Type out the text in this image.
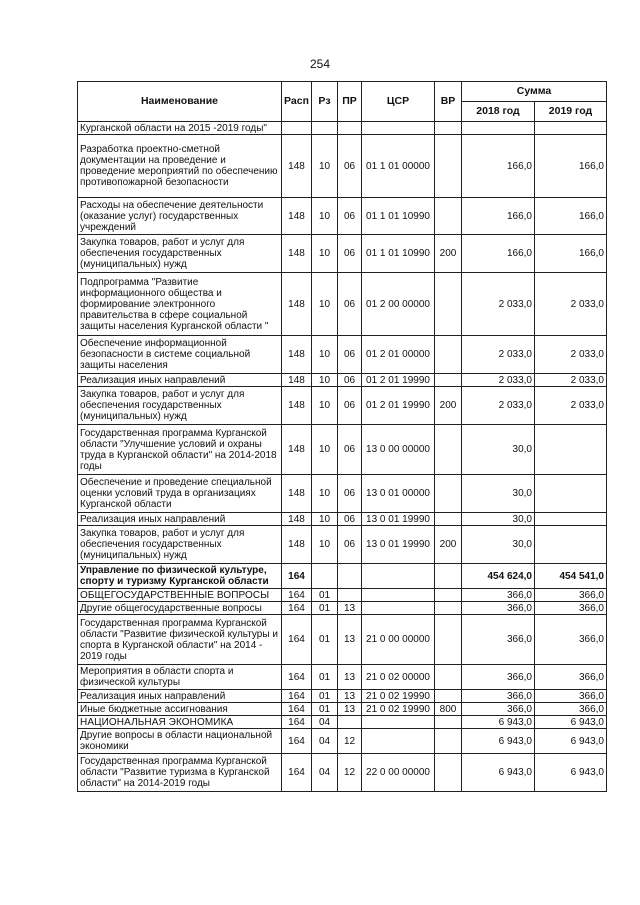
254
Наименование	Расп	Рз	ПР	ЦСР	ВР	Сумма	
						2018 год	2019 год
Курганской области на 2015 -2019 годы"							
Разработка проектно-сметной документации на проведение и проведение мероприятий по обеспечению противопожарной безопасности	148	10	06	01 1 01 00000		166,0	166,0
Расходы на обеспечение деятельности (оказание услуг) государственных учреждений	148	10	06	01 1 01 10990		166,0	166,0
Закупка товаров, работ и услуг для обеспечения государственных (муниципальных) нужд	148	10	06	01 1 01 10990	200	166,0	166,0
Подпрограмма "Развитие информационного общества и формирование электронного правительства в сфере социальной защиты населения Курганской области "	148	10	06	01 2 00 00000		2 033,0	2 033,0
Обеспечение информационной безопасности в системе социальной защиты населения	148	10	06	01 2 01 00000		2 033,0	2 033,0
Реализация иных направлений	148	10	06	01 2 01 19990		2 033,0	2 033,0
Закупка товаров, работ и услуг для обеспечения государственных (муниципальных) нужд	148	10	06	01 2 01 19990	200	2 033,0	2 033,0
Государственная программа Курганской области "Улучшение условий и охраны труда в Курганской области" на 2014-2018 годы	148	10	06	13 0 00 00000		30,0	
Обеспечение и проведение специальной оценки условий труда в организациях Курганской области	148	10	06	13 0 01 00000		30,0	
Реализация иных направлений	148	10	06	13 0 01 19990		30,0	
Закупка товаров, работ и услуг для обеспечения государственных (муниципальных) нужд	148	10	06	13 0 01 19990	200	30,0	
Управление по физической культуре, спорту и туризму Курганской области	164					454 624,0	454 541,0
ОБЩЕГОСУДАРСТВЕННЫЕ ВОПРОСЫ	164	01				366,0	366,0
Другие общегосударственные вопросы	164	01	13			366,0	366,0
Государственная программа Курганской области "Развитие физической культуры и спорта в Курганской области" на 2014 - 2019 годы	164	01	13	21 0 00 00000		366,0	366,0
Мероприятия в области спорта и физической культуры	164	01	13	21 0 02 00000		366,0	366,0
Реализация иных направлений	164	01	13	21 0 02 19990		366,0	366,0
Иные бюджетные ассигнования	164	01	13	21 0 02 19990	800	366,0	366,0
НАЦИОНАЛЬНАЯ ЭКОНОМИКА	164	04				6 943,0	6 943,0
Другие вопросы в области национальной экономики	164	04	12			6 943,0	6 943,0
Государственная программа Курганской области "Развитие туризма в Курганской области" на 2014-2019 годы	164	04	12	22 0 00 00000		6 943,0	6 943,0
